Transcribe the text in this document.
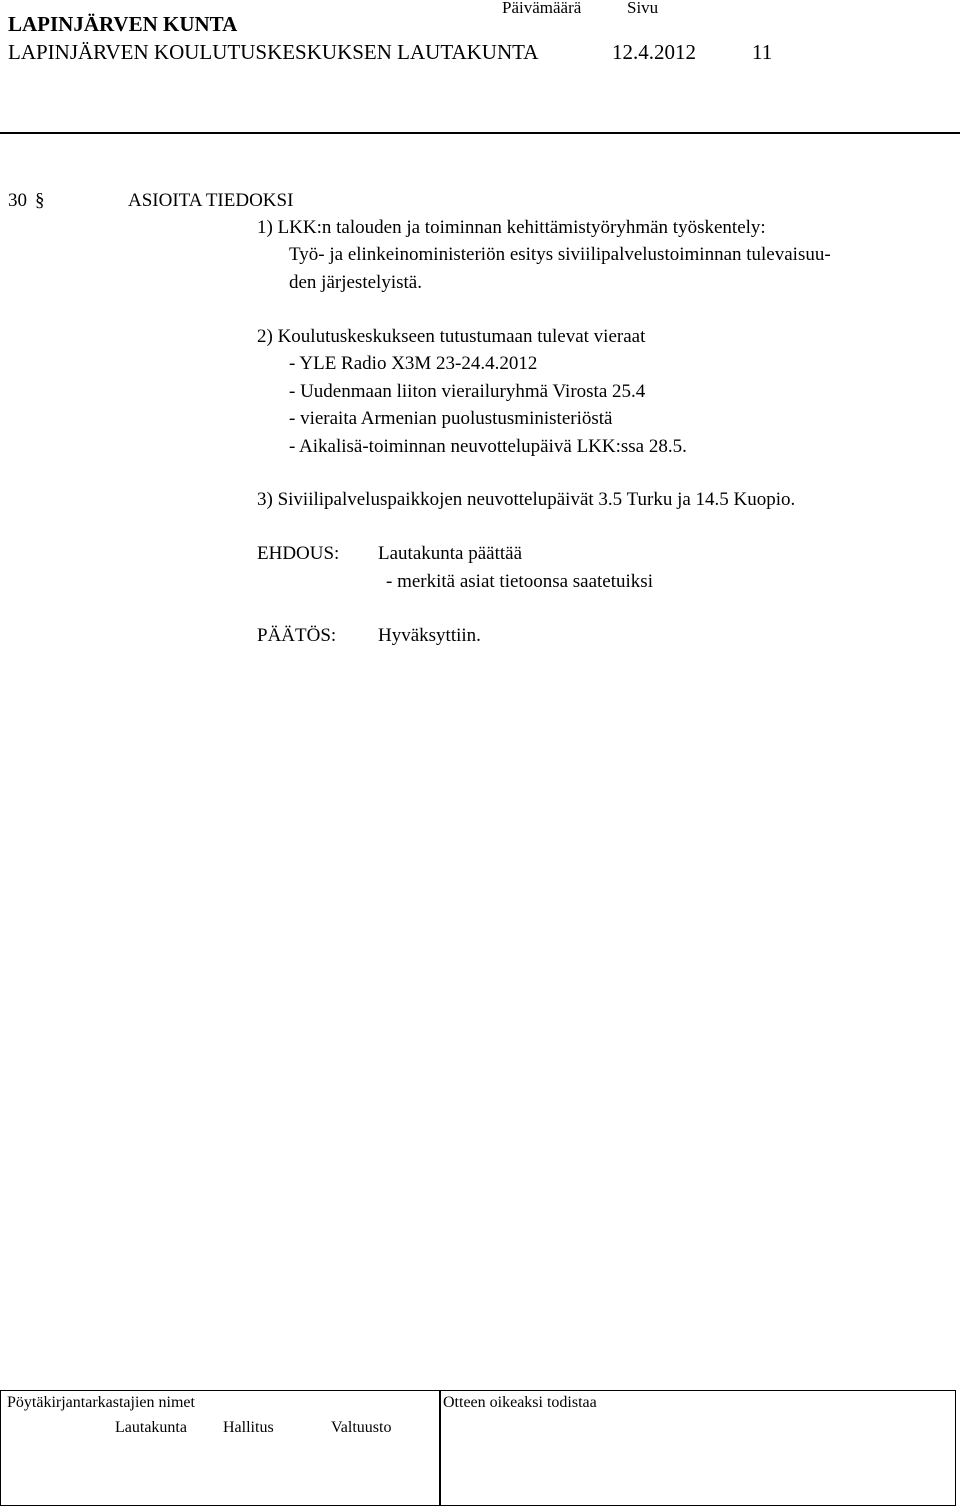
LAPINJÄRVEN KUNTA
Päivämäärä	Sivu
LAPINJÄRVEN KOULUTUSKESKUKSEN LAUTAKUNTA	12.4.2012	11
30 §	ASIOITA TIEDOKSI
1) LKK:n talouden ja toiminnan kehittämistyöryhmän työskentely:
Työ- ja elinkeinoministeriön esitys siviilipalvelustoiminnan tulevaisuu-
den järjestelyistä.
2) Koulutuskeskukseen tutustumaan tulevat vieraat
- YLE Radio X3M 23-24.4.2012
- Uudenmaan liiton vierailuryhmä Virosta 25.4
- vieraita Armenian puolustusministeriöstä
- Aikalisä-toiminnan neuvottelupäivä LKK:ssa 28.5.
3) Siviilipalveluspaikkojen neuvottelupäivät 3.5 Turku ja 14.5 Kuopio.
EHDOUS: Lautakunta päättää
- merkitä asiat tietoonsa saatetuiksi
PÄÄTÖS: Hyväksyttiin.
Pöytäkirjantarkastajien nimet	Otteen oikeaksi todistaa
Lautakunta Hallitus	Valtuusto
